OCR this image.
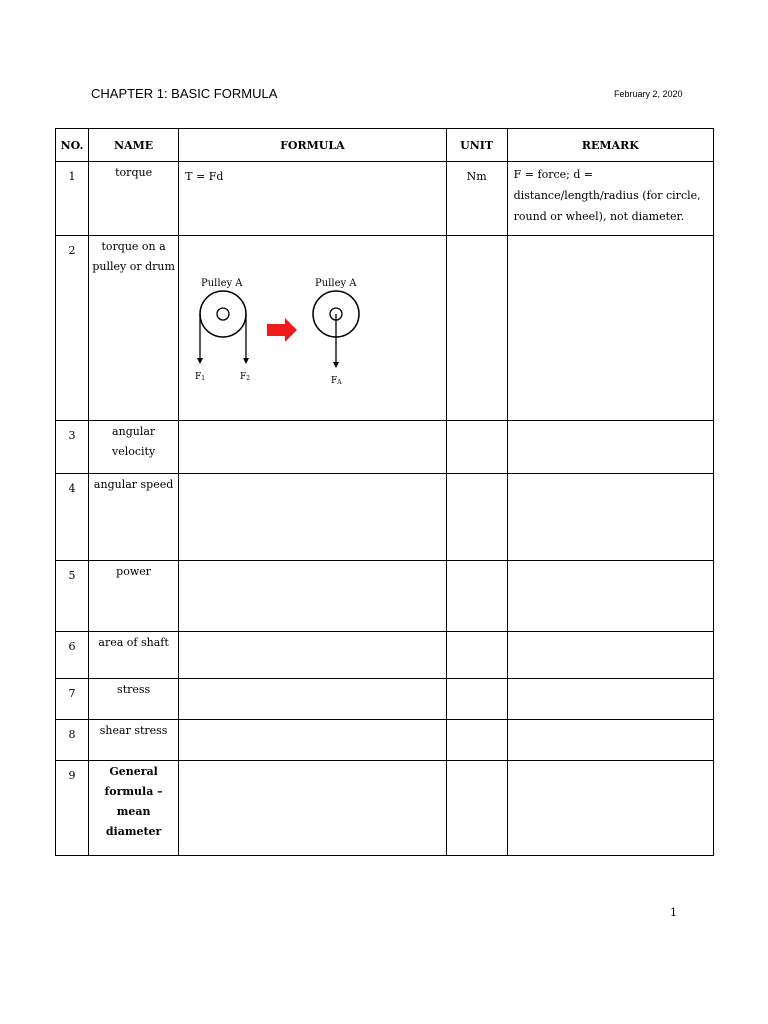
CHAPTER 1: BASIC FORMULA	February 2, 2020
NO.	NAME	FORMULA	UNIT	REMARK
1	torque	T = Fd	Nm	F = force; d = distance/length/radius (for circle, round or wheel), not diameter.

2	torque on a pulley or drum	Pulley A Pulley A
F1 F2 FA		

3	angular velocity			

4	angular speed			

5	power			

6	area of shaft			

7	stress			

8	shear stress			

9	General formula – mean diameter			

1
